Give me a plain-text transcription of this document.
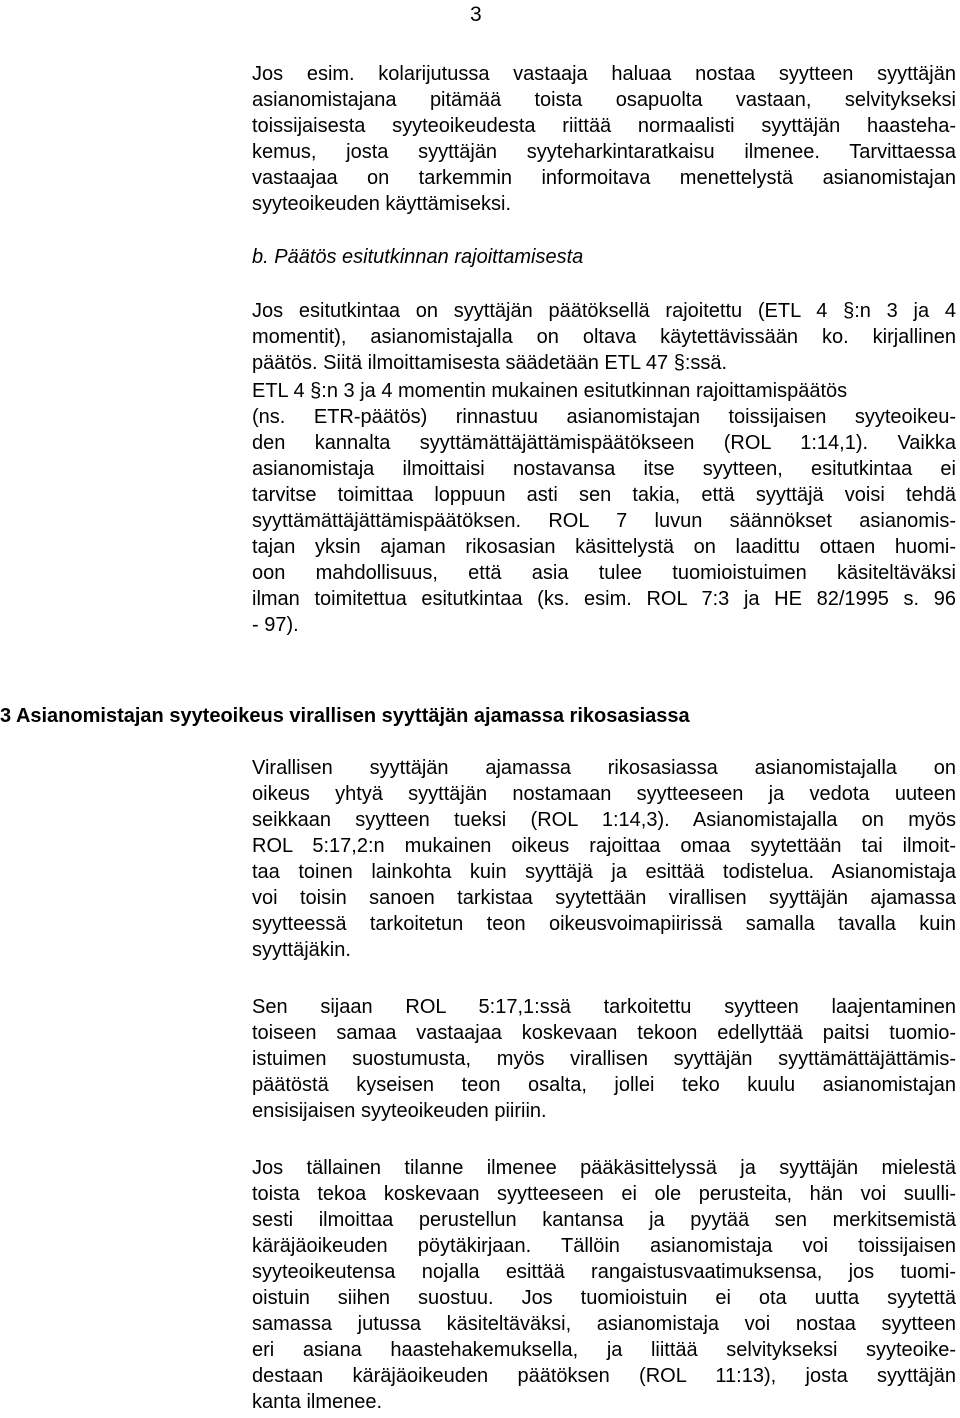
3
Jos esim. kolarijutussa vastaaja haluaa nostaa syytteen syyttäjän
asianomistajana pitämää toista osapuolta vastaan, selvitykseksi
toissijaisesta syyteoikeudesta riittää normaalisti syyttäjän haasteha-
kemus, josta syyttäjän syyteharkintaratkaisu ilmenee. Tarvittaessa
vastaajaa on tarkemmin informoitava menettelystä asianomistajan
syyteoikeuden käyttämiseksi.
b. Päätös esitutkinnan rajoittamisesta
Jos esitutkintaa on syyttäjän päätöksellä rajoitettu (ETL 4 §:n 3 ja 4
momentit), asianomistajalla on oltava käytettävissään ko. kirjallinen
päätös. Siitä ilmoittamisesta säädetään ETL 47 §:ssä.
ETL 4 §:n 3 ja 4 momentin mukainen esitutkinnan rajoittamispäätös
(ns. ETR-päätös) rinnastuu asianomistajan toissijaisen syyteoikeu-
den kannalta syyttämättäjättämispäätökseen (ROL 1:14,1). Vaikka
asianomistaja ilmoittaisi nostavansa itse syytteen, esitutkintaa ei
tarvitse toimittaa loppuun asti sen takia, että syyttäjä voisi tehdä
syyttämättäjättämispäätöksen. ROL 7 luvun säännökset asianomis-
tajan yksin ajaman rikosasian käsittelystä on laadittu ottaen huomi-
oon mahdollisuus, että asia tulee tuomioistuimen käsiteltäväksi
ilman toimitettua esitutkintaa (ks. esim. ROL 7:3 ja HE 82/1995 s. 96
- 97).
3 Asianomistajan syyteoikeus virallisen syyttäjän ajamassa rikosasiassa
Virallisen syyttäjän ajamassa rikosasiassa asianomistajalla on
oikeus yhtyä syyttäjän nostamaan syytteeseen ja vedota uuteen
seikkaan syytteen tueksi (ROL 1:14,3). Asianomistajalla on myös
ROL 5:17,2:n mukainen oikeus rajoittaa omaa syytettään tai ilmoit-
taa toinen lainkohta kuin syyttäjä ja esittää todistelua. Asianomistaja
voi toisin sanoen tarkistaa syytettään virallisen syyttäjän ajamassa
syytteessä tarkoitetun teon oikeusvoimapiirissä samalla tavalla kuin
syyttäjäkin.
Sen sijaan ROL 5:17,1:ssä tarkoitettu syytteen laajentaminen
toiseen samaa vastaajaa koskevaan tekoon edellyttää paitsi tuomio-
istuimen suostumusta, myös virallisen syyttäjän syyttämättäjättämis-
päätöstä kyseisen teon osalta, jollei teko kuulu asianomistajan
ensisijaisen syyteoikeuden piiriin.
Jos tällainen tilanne ilmenee pääkäsittelyssä ja syyttäjän mielestä
toista tekoa koskevaan syytteeseen ei ole perusteita, hän voi suulli-
sesti ilmoittaa perustellun kantansa ja pyytää sen merkitsemistä
käräjäoikeuden pöytäkirjaan. Tällöin asianomistaja voi toissijaisen
syyteoikeutensa nojalla esittää rangaistusvaatimuksensa, jos tuomi-
oistuin siihen suostuu. Jos tuomioistuin ei ota uutta syytettä
samassa jutussa käsiteltäväksi, asianomistaja voi nostaa syytteen
eri asiana haastehakemuksella, ja liittää selvitykseksi syyteoike-
destaan käräjäoikeuden päätöksen (ROL 11:13), josta syyttäjän
kanta ilmenee.
